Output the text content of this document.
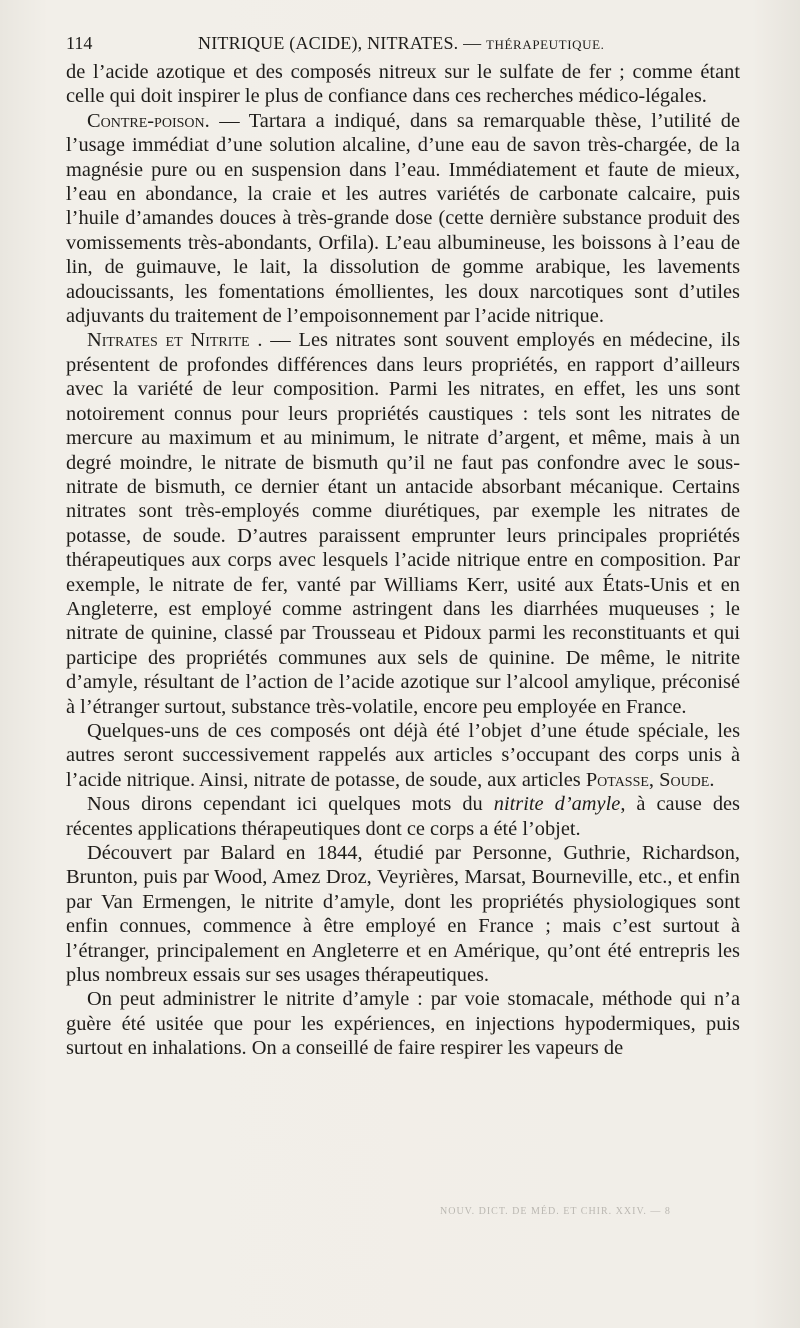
114	NITRIQUE (ACIDE), NITRATES. — THÉRAPEUTIQUE.

de l’acide azotique et des composés nitreux sur le sulfate de fer ; comme étant celle qui doit inspirer le plus de confiance dans ces recherches médico-légales.

Contre-poison. — Tartara a indiqué, dans sa remarquable thèse, l’utilité de l’usage immédiat d’une solution alcaline, d’une eau de savon très-chargée, de la magnésie pure ou en suspension dans l’eau. Immédiatement et faute de mieux, l’eau en abondance, la craie et les autres variétés de carbonate calcaire, puis l’huile d’amandes douces à très-grande dose (cette dernière substance produit des vomissements très-abondants, Orfila). L’eau albumineuse, les boissons à l’eau de lin, de guimauve, le lait, la dissolution de gomme arabique, les lavements adoucissants, les fomentations émollientes, les doux narcotiques sont d’utiles adjuvants du traitement de l’empoisonnement par l’acide nitrique.

Nitrates et Nitrite . — Les nitrates sont souvent employés en médecine, ils présentent de profondes différences dans leurs propriétés, en rapport d’ailleurs avec la variété de leur composition. Parmi les nitrates, en effet, les uns sont notoirement connus pour leurs propriétés caustiques : tels sont les nitrates de mercure au maximum et au minimum, le nitrate d’argent, et même, mais à un degré moindre, le nitrate de bismuth qu’il ne faut pas confondre avec le sous-nitrate de bismuth, ce dernier étant un antacide absorbant mécanique. Certains nitrates sont très-employés comme diurétiques, par exemple les nitrates de potasse, de soude. D’autres paraissent emprunter leurs principales propriétés thérapeutiques aux corps avec lesquels l’acide nitrique entre en composition. Par exemple, le nitrate de fer, vanté par Williams Kerr, usité aux États-Unis et en Angleterre, est employé comme astringent dans les diarrhées muqueuses ; le nitrate de quinine, classé par Trousseau et Pidoux parmi les reconstituants et qui participe des propriétés communes aux sels de quinine. De même, le nitrite d’amyle, résultant de l’action de l’acide azotique sur l’alcool amylique, préconisé à l’étranger surtout, substance très-volatile, encore peu employée en France.

Quelques-uns de ces composés ont déjà été l’objet d’une étude spéciale, les autres seront successivement rappelés aux articles s’occupant des corps unis à l’acide nitrique. Ainsi, nitrate de potasse, de soude, aux articles Potasse, Soude.

Nous dirons cependant ici quelques mots du nitrite d’amyle, à cause des récentes applications thérapeutiques dont ce corps a été l’objet.

Découvert par Balard en 1844, étudié par Personne, Guthrie, Richardson, Brunton, puis par Wood, Amez Droz, Veyrières, Marsat, Bourneville, etc., et enfin par Van Ermengen, le nitrite d’amyle, dont les propriétés physiologiques sont enfin connues, commence à être employé en France ; mais c’est surtout à l’étranger, principalement en Angleterre et en Amérique, qu’ont été entrepris les plus nombreux essais sur ses usages thérapeutiques.

On peut administrer le nitrite d’amyle : par voie stomacale, méthode qui n’a guère été usitée que pour les expériences, en injections hypodermiques, puis surtout en inhalations. On a conseillé de faire respirer les vapeurs de

NOUV. DICT. DE MÉD. ET CHIR. XXIV. — 8
